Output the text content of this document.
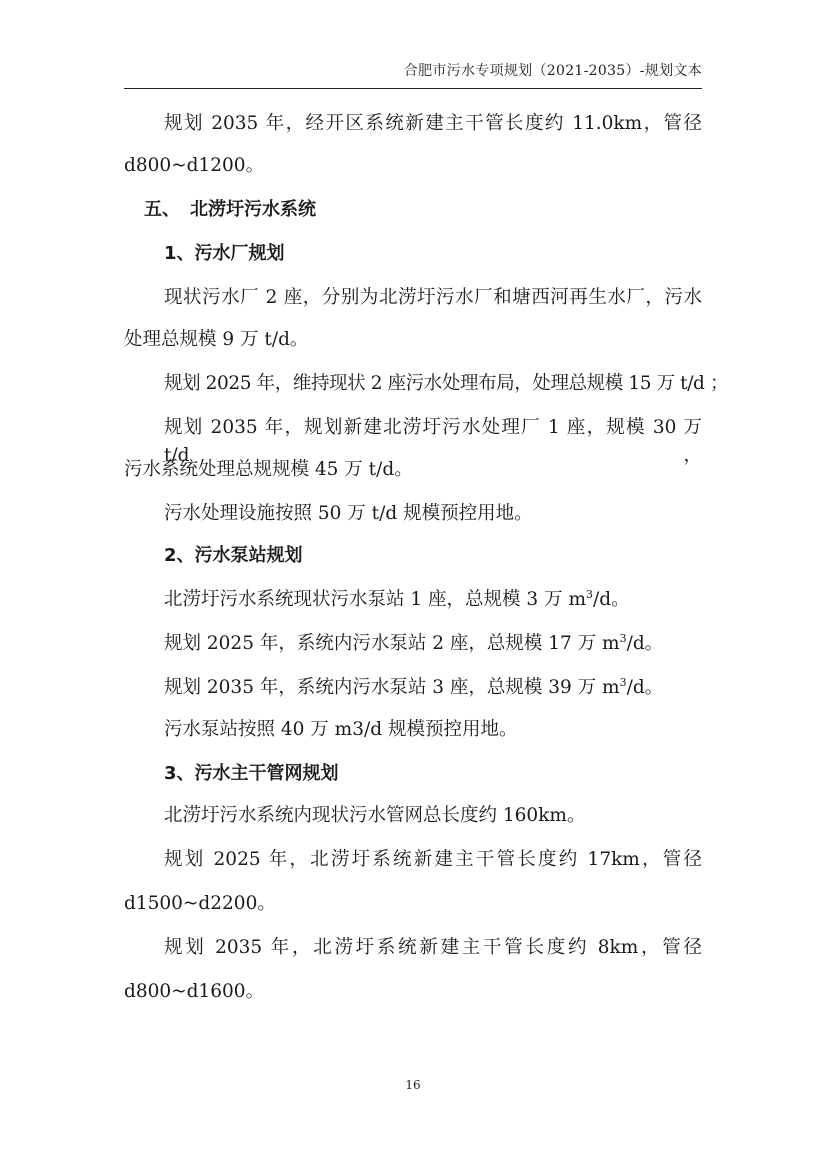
合肥市污水专项规划（2021-2035）-规划文本
规划 2035 年，经开区系统新建主干管长度约 11.0km，管径
d800~d1200。
五、 北涝圩污水系统
1、污水厂规划
现状污水厂 2 座，分别为北涝圩污水厂和塘西河再生水厂，污水
处理总规模 9 万 t/d。
规划 2025 年，维持现状 2 座污水处理布局，处理总规模 15 万 t/d ；
规划 2035 年，规划新建北涝圩污水处理厂 1 座，规模 30 万 t/d，
污水系统处理总规规模 45 万 t/d。
污水处理设施按照 50 万 t/d 规模预控用地。
2、污水泵站规划
北涝圩污水系统现状污水泵站 1 座，总规模 3 万 $m^3/d$。
规划 2025 年，系统内污水泵站 2 座，总规模 17 万 $m^3/d$。
规划 2035 年，系统内污水泵站 3 座，总规模 39 万 $m^3/d$。
污水泵站按照 40 万 m3/d 规模预控用地。
3、污水主干管网规划
北涝圩污水系统内现状污水管网总长度约 160km。
规划 2025 年，北涝圩系统新建主干管长度约 17km，管径
d1500~d2200。
规划 2035 年，北涝圩系统新建主干管长度约 8km，管径
d800~d1600。
16
